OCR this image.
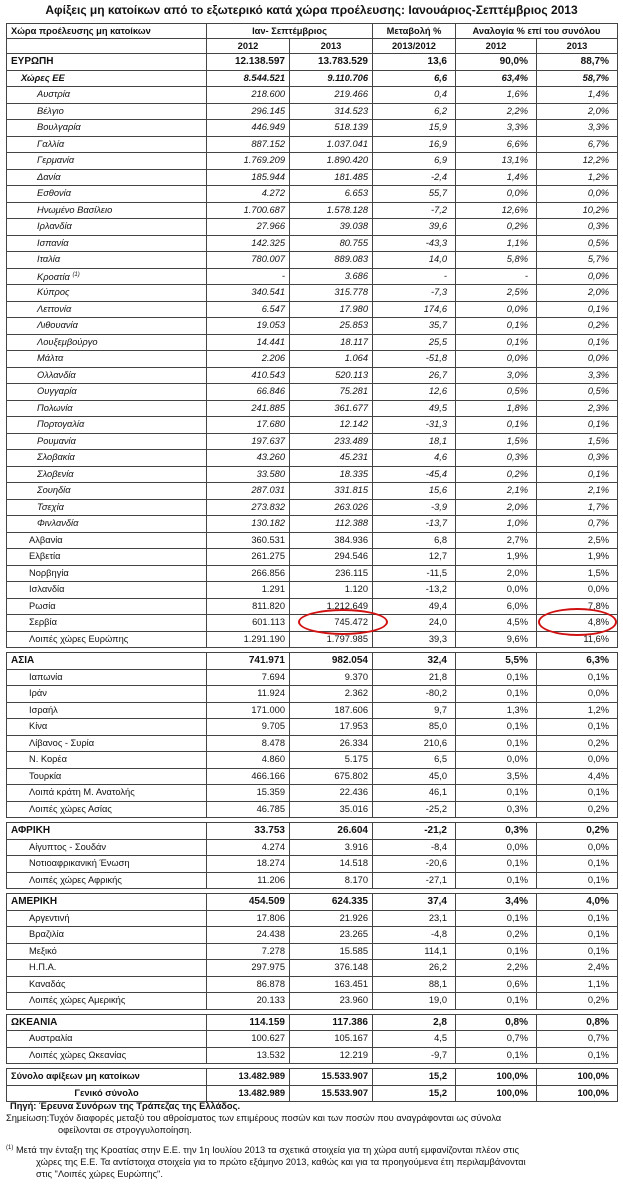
Αφίξεις μη κατοίκων από το εξωτερικό κατά χώρα προέλευσης: Ιανουάριος-Σεπτέμβριος 2013
Χώρα προέλευσης μη κατοίκων	Ιαν- Σεπτέμβριος		Μεταβολή %	Αναλογία % επί του συνόλου	
	2012	2013	2013/2012	2012	2013
ΕΥΡΩΠΗ	12.138.597	13.783.529	13,6	90,0%	88,7%
Χώρες ΕΕ	8.544.521	9.110.706	6,6	63,4%	58,7%
Αυστρία	218.600	219.466	0,4	1,6%	1,4%
Βέλγιο	296.145	314.523	6,2	2,2%	2,0%
Βουλγαρία	446.949	518.139	15,9	3,3%	3,3%
Γαλλία	887.152	1.037.041	16,9	6,6%	6,7%
Γερμανία	1.769.209	1.890.420	6,9	13,1%	12,2%
Δανία	185.944	181.485	-2,4	1,4%	1,2%
Εσθονία	4.272	6.653	55,7	0,0%	0,0%
Ηνωμένο Βασίλειο	1.700.687	1.578.128	-7,2	12,6%	10,2%
Ιρλανδία	27.966	39.038	39,6	0,2%	0,3%
Ισπανία	142.325	80.755	-43,3	1,1%	0,5%
Ιταλία	780.007	889.083	14,0	5,8%	5,7%
Κροατία $^{(1)}$	-	3.686	-	-	0,0%
Κύπρος	340.541	315.778	-7,3	2,5%	2,0%
Λεττονία	6.547	17.980	174,6	0,0%	0,1%
Λιθουανία	19.053	25.853	35,7	0,1%	0,2%
Λουξεμβούργο	14.441	18.117	25,5	0,1%	0,1%
Μάλτα	2.206	1.064	-51,8	0,0%	0,0%
Ολλανδία	410.543	520.113	26,7	3,0%	3,3%
Ουγγαρία	66.846	75.281	12,6	0,5%	0,5%
Πολωνία	241.885	361.677	49,5	1,8%	2,3%
Πορτογαλία	17.680	12.142	-31,3	0,1%	0,1%
Ρουμανία	197.637	233.489	18,1	1,5%	1,5%
Σλοβακία	43.260	45.231	4,6	0,3%	0,3%
Σλοβενία	33.580	18.335	-45,4	0,2%	0,1%
Σουηδία	287.031	331.815	15,6	2,1%	2,1%
Τσεχία	273.832	263.026	-3,9	2,0%	1,7%
Φινλανδία	130.182	112.388	-13,7	1,0%	0,7%
Αλβανία	360.531	384.936	6,8	2,7%	2,5%
Ελβετία	261.275	294.546	12,7	1,9%	1,9%
Νορβηγία	266.856	236.115	-11,5	2,0%	1,5%
Ισλανδία	1.291	1.120	-13,2	0,0%	0,0%
Ρωσία	811.820	1.212.649	49,4	6,0%	7,8%
Σερβία	601.113	745.472	24,0	4,5%	4,8%
Λοιπές χώρες Ευρώπης	1.291.190	1.797.985	39,3	9,6%	11,6%

ΑΣΙΑ	741.971	982.054	32,4	5,5%	6,3%
Ιαπωνία	7.694	9.370	21,8	0,1%	0,1%
Ιράν	11.924	2.362	-80,2	0,1%	0,0%
Ισραήλ	171.000	187.606	9,7	1,3%	1,2%
Κίνα	9.705	17.953	85,0	0,1%	0,1%
Λίβανος - Συρία	8.478	26.334	210,6	0,1%	0,2%
Ν. Κορέα	4.860	5.175	6,5	0,0%	0,0%
Τουρκία	466.166	675.802	45,0	3,5%	4,4%
Λοιπά κράτη Μ. Ανατολής	15.359	22.436	46,1	0,1%	0,1%
Λοιπές χώρες Ασίας	46.785	35.016	-25,2	0,3%	0,2%

ΑΦΡΙΚΗ	33.753	26.604	-21,2	0,3%	0,2%
Αίγυπτος - Σουδάν	4.274	3.916	-8,4	0,0%	0,0%
Νοτιοαφρικανική Ένωση	18.274	14.518	-20,6	0,1%	0,1%
Λοιπές χώρες Αφρικής	11.206	8.170	-27,1	0,1%	0,1%

ΑΜΕΡΙΚΗ	454.509	624.335	37,4	3,4%	4,0%
Αργεντινή	17.806	21.926	23,1	0,1%	0,1%
Βραζιλία	24.438	23.265	-4,8	0,2%	0,1%
Μεξικό	7.278	15.585	114,1	0,1%	0,1%
Η.Π.Α.	297.975	376.148	26,2	2,2%	2,4%
Καναδάς	86.878	163.451	88,1	0,6%	1,1%
Λοιπές χώρες Αμερικής	20.133	23.960	19,0	0,1%	0,2%

ΩΚΕΑΝΙΑ	114.159	117.386	2,8	0,8%	0,8%
Αυστραλία	100.627	105.167	4,5	0,7%	0,7%
Λοιπές χώρες Ωκεανίας	13.532	12.219	-9,7	0,1%	0,1%

Σύνολο αφίξεων μη κατοίκων	13.482.989	15.533.907	15,2	100,0%	100,0%
Γενικό σύνολο	13.482.989	15.533.907	15,2	100,0%	100,0%
Πηγή: Έρευνα Συνόρων της Τράπεζας της Ελλάδος.
Σημείωση:Τυχόν διαφορές μεταξύ του αθροίσματος των επιμέρους ποσών και των ποσών που αναγράφονται ως σύνολα
οφείλονται σε στρογγυλοποίηση.
$^{(1)}$ Μετά την ένταξη της Κροατίας στην Ε.Ε. την 1η Ιουλίου 2013 τα σχετικά στοιχεία για τη χώρα αυτή εμφανίζονται πλέον στις
χώρες της Ε.Ε. Τα αντίστοιχα στοιχεία για το πρώτο εξάμηνο 2013, καθώς και για τα προηγούμενα έτη περιλαμβάνονται
στις "Λοιπές χώρες Ευρώπης".
